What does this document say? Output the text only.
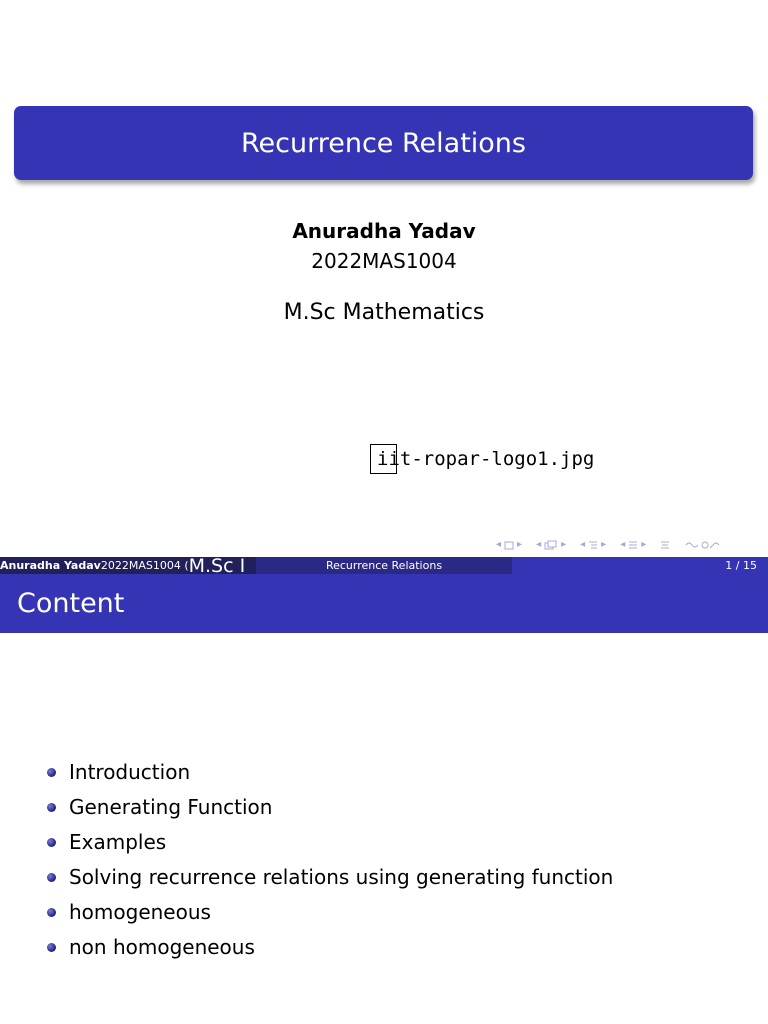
Recurrence Relations
Anuradha Yadav
2022MAS1004
M.Sc Mathematics
iit-ropar-logo1.jpg
◂ ▸ ◂ ▸ ◂ ▸ ◂ ▸
Anuradha Yadav2022MAS1004 (M.Sc I	Recurrence Relations	1 / 15
Content
Introduction
Generating Function
Examples
Solving recurrence relations using generating function
homogeneous
non homogeneous
